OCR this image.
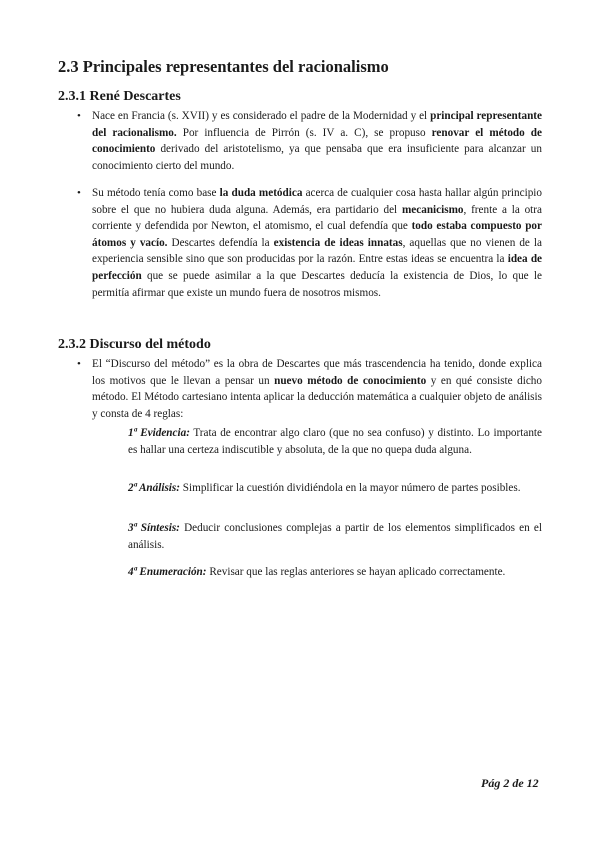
2.3 Principales representantes del racionalismo
2.3.1 René Descartes
• Nace en Francia (s. XVII) y es considerado el padre de la Modernidad y el principal representante del racionalismo. Por influencia de Pirrón (s. IV a. C), se propuso renovar el método de conocimiento derivado del aristotelismo, ya que pensaba que era insuficiente para alcanzar un conocimiento cierto del mundo.

• Su método tenía como base la duda metódica acerca de cualquier cosa hasta hallar algún principio sobre el que no hubiera duda alguna. Además, era partidario del mecanicismo, frente a la otra corriente y defendida por Newton, el atomismo, el cual defendía que todo estaba compuesto por átomos y vacío. Descartes defendía la existencia de ideas innatas, aquellas que no vienen de la experiencia sensible sino que son producidas por la razón. Entre estas ideas se encuentra la idea de perfección que se puede asimilar a la que Descartes deducía la existencia de Dios, lo que le permitía afirmar que existe un mundo fuera de nosotros mismos.

2.3.2 Discurso del método
• El “Discurso del método” es la obra de Descartes que más trascendencia ha tenido, donde explica los motivos que le llevan a pensar un nuevo método de conocimiento y en qué consiste dicho método. El Método cartesiano intenta aplicar la deducción matemática a cualquier objeto de análisis y consta de 4 reglas:

1ª Evidencia: Trata de encontrar algo claro (que no sea confuso) y distinto. Lo importante es hallar una certeza indiscutible y absoluta, de la que no quepa duda alguna.

2ª Análisis: Simplificar la cuestión dividiéndola en la mayor número de partes posibles.

3ª Síntesis: Deducir conclusiones complejas a partir de los elementos simplificados en el análisis.

4ª Enumeración: Revisar que las reglas anteriores se hayan aplicado correctamente.

Pág 2 de 12
